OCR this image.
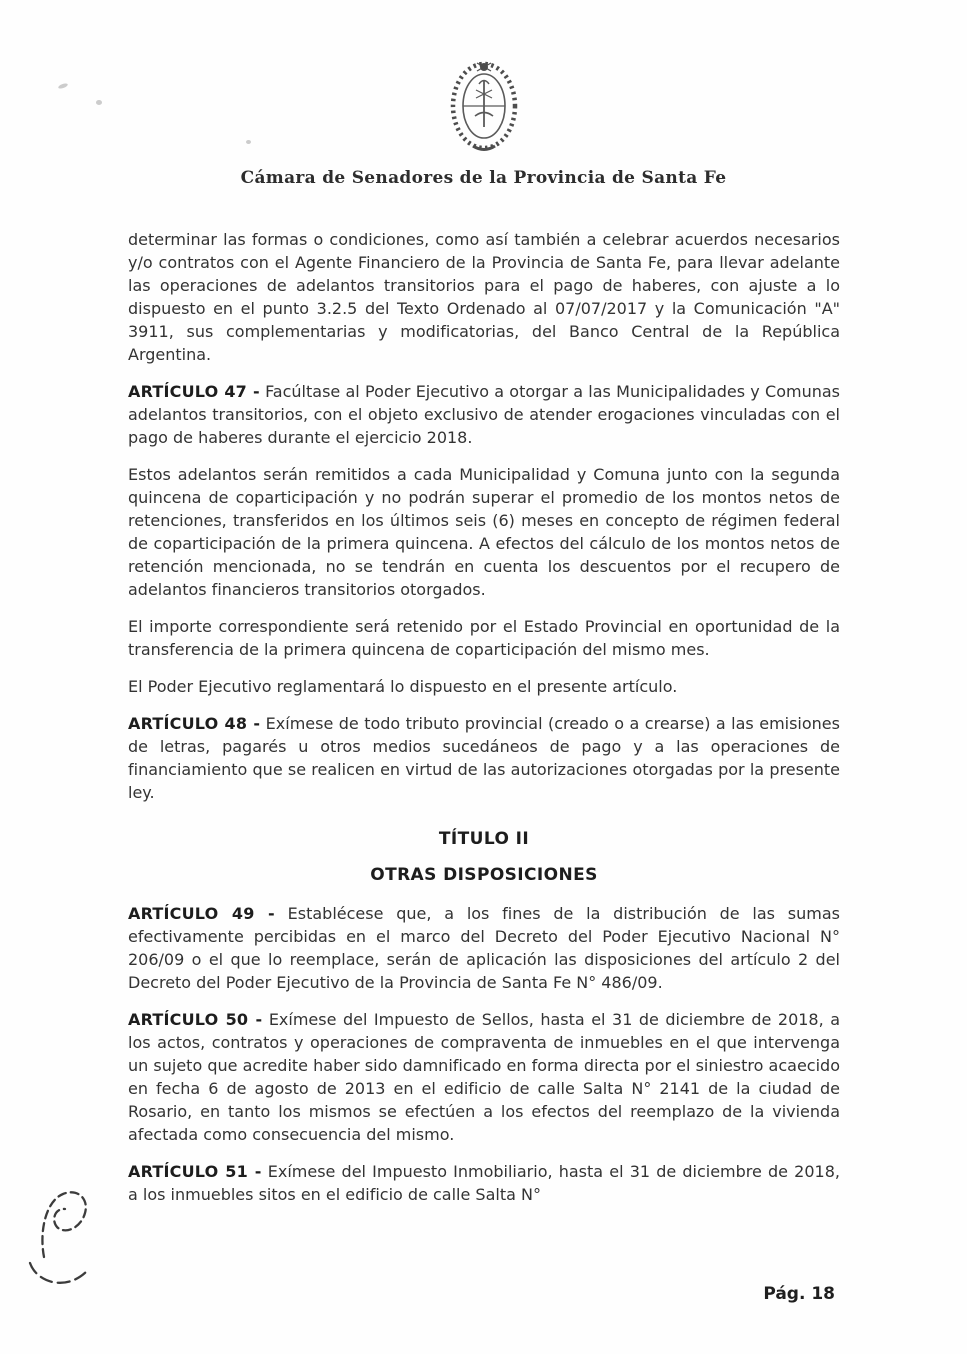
Cámara de Senadores de la Provincia de Santa Fe

determinar las formas o condiciones, como así también a celebrar acuerdos necesarios y/o contratos con el Agente Financiero de la Provincia de Santa Fe, para llevar adelante las operaciones de adelantos transitorios para el pago de haberes, con ajuste a lo dispuesto en el punto 3.2.5 del Texto Ordenado al 07/07/2017 y la Comunicación "A" 3911, sus complementarias y modificatorias, del Banco Central de la República Argentina.

ARTÍCULO 47 - Facúltase al Poder Ejecutivo a otorgar a las Municipalidades y Comunas adelantos transitorios, con el objeto exclusivo de atender erogaciones vinculadas con el pago de haberes durante el ejercicio 2018.

Estos adelantos serán remitidos a cada Municipalidad y Comuna junto con la segunda quincena de coparticipación y no podrán superar el promedio de los montos netos de retenciones, transferidos en los últimos seis (6) meses en concepto de régimen federal de coparticipación de la primera quincena. A efectos del cálculo de los montos netos de retención mencionada, no se tendrán en cuenta los descuentos por el recupero de adelantos financieros transitorios otorgados.

El importe correspondiente será retenido por el Estado Provincial en oportunidad de la transferencia de la primera quincena de coparticipación del mismo mes.

El Poder Ejecutivo reglamentará lo dispuesto en el presente artículo.

ARTÍCULO 48 - Exímese de todo tributo provincial (creado o a crearse) a las emisiones de letras, pagarés u otros medios sucedáneos de pago y a las operaciones de financiamiento que se realicen en virtud de las autorizaciones otorgadas por la presente ley.

TÍTULO II
OTRAS DISPOSICIONES

ARTÍCULO 49 - Establécese que, a los fines de la distribución de las sumas efectivamente percibidas en el marco del Decreto del Poder Ejecutivo Nacional N° 206/09 o el que lo reemplace, serán de aplicación las disposiciones del artículo 2 del Decreto del Poder Ejecutivo de la Provincia de Santa Fe N° 486/09.

ARTÍCULO 50 - Exímese del Impuesto de Sellos, hasta el 31 de diciembre de 2018, a los actos, contratos y operaciones de compraventa de inmuebles en el que intervenga un sujeto que acredite haber sido damnificado en forma directa por el siniestro acaecido en fecha 6 de agosto de 2013 en el edificio de calle Salta N° 2141 de la ciudad de Rosario, en tanto los mismos se efectúen a los efectos del reemplazo de la vivienda afectada como consecuencia del mismo.

ARTÍCULO 51 - Exímese del Impuesto Inmobiliario, hasta el 31 de diciembre de 2018, a los inmuebles sitos en el edificio de calle Salta N°

Pág. 18
